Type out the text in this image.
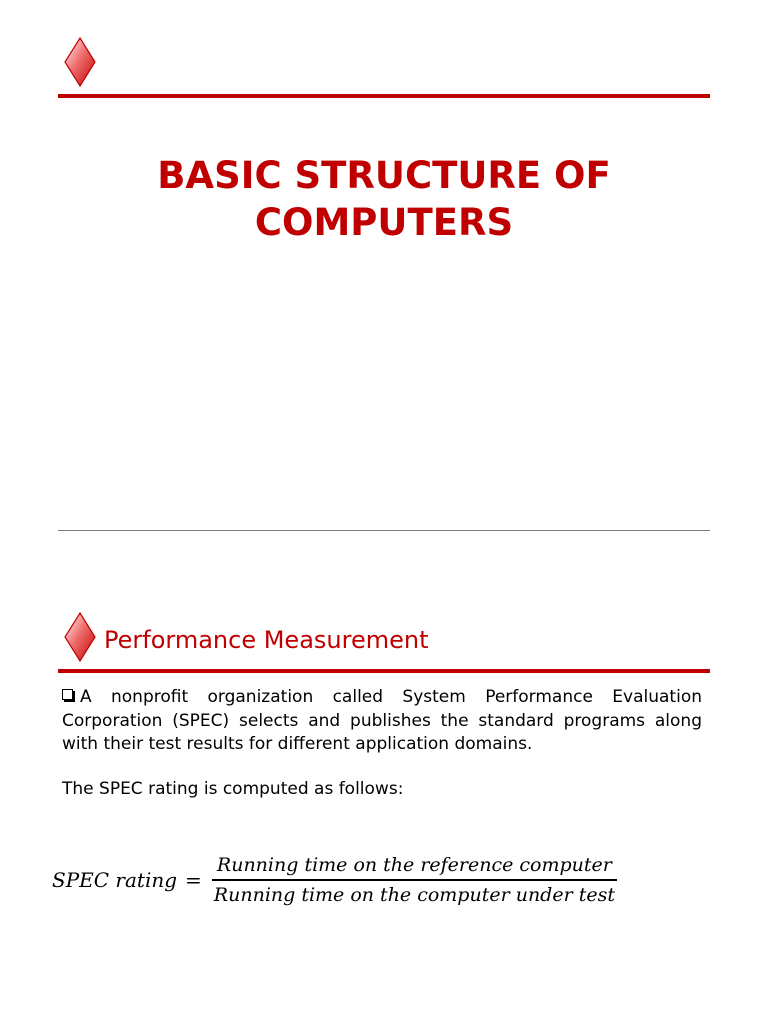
BASIC STRUCTURE OF
COMPUTERS
Performance Measurement
A nonprofit organization called System Performance Evaluation Corporation (SPEC) selects and publishes the standard programs along with their test results for different application domains.
The SPEC rating is computed as follows:
SPEC rating = $\frac{\text{Running time on the reference computer}}{\text{Running time on the computer under test}}$
